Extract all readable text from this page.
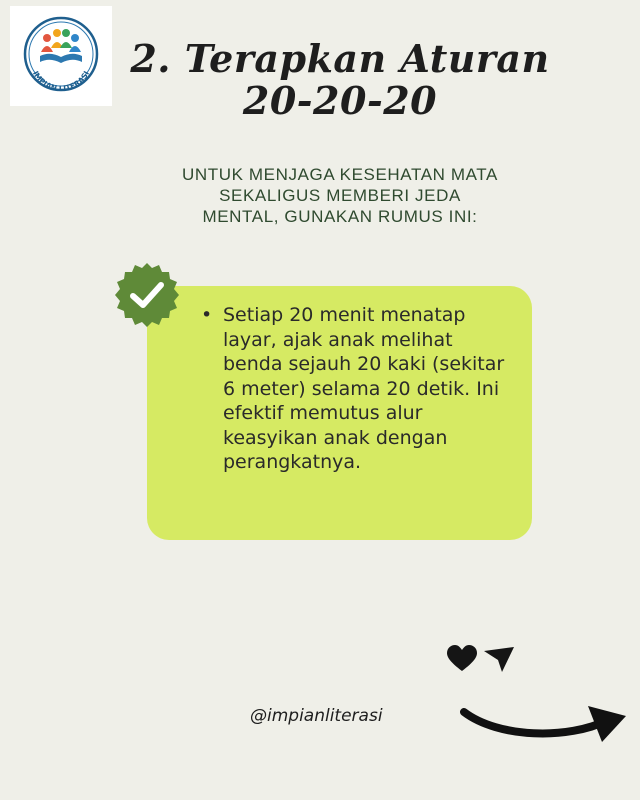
IMPIAN LITERASI	2. Terapkan Aturan
20-20-20
UNTUK MENJAGA KESEHATAN MATA
SEKALIGUS MEMBERI JEDA
MENTAL, GUNAKAN RUMUS INI:
• Setiap 20 menit menatap layar, ajak anak melihat benda sejauh 20 kaki (sekitar 6 meter) selama 20 detik. Ini efektif memutus alur keasyikan anak dengan perangkatnya.
@impianliterasi
